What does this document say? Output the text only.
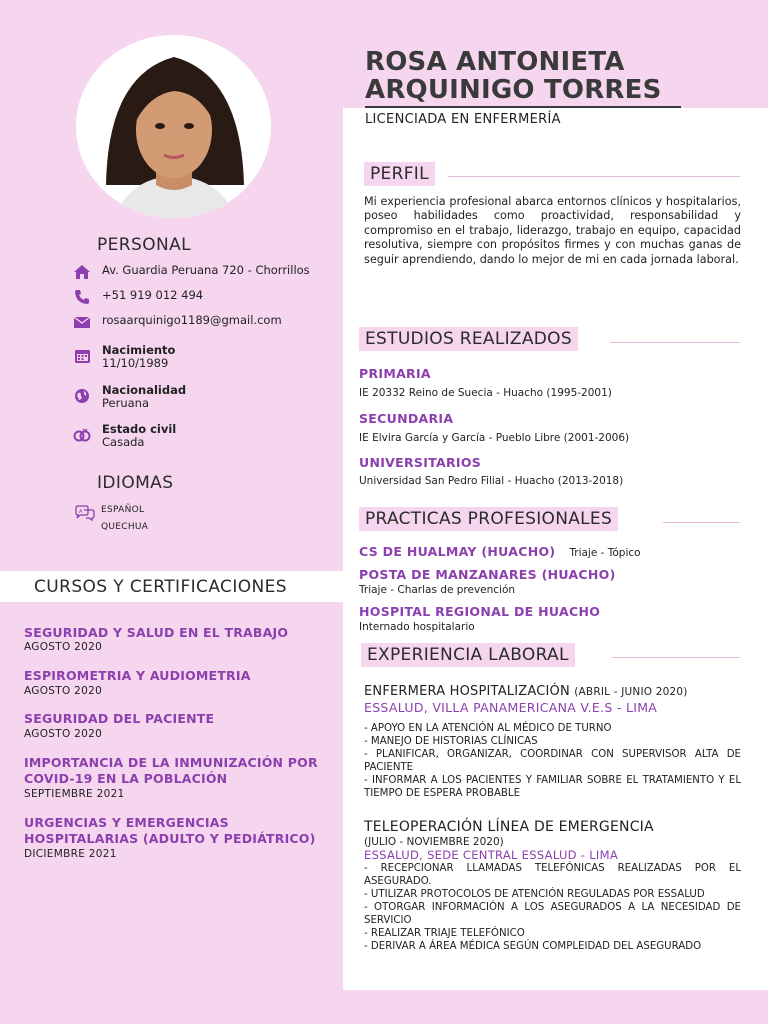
ROSA ANTONIETA
ARQUINIGO TORRES
LICENCIADA EN ENFERMERÍA
PERFIL
Mi experiencia profesional abarca entornos clínicos y hospitalarios, poseo habilidades como proactividad, responsabilidad y compromiso en el trabajo, liderazgo, trabajo en equipo, capacidad resolutiva, siempre con propósitos firmes y con muchas ganas de seguir aprendiendo, dando lo mejor de mi en cada jornada laboral.
ESTUDIOS REALIZADOS
PRIMARIA
IE 20332 Reino de Suecia - Huacho (1995-2001)
SECUNDARIA
IE Elvira García y García - Pueblo Libre (2001-2006)
UNIVERSITARIOS
Universidad San Pedro Filial - Huacho (2013-2018)
PRACTICAS PROFESIONALES
CS DE HUALMAY (HUACHO) Triaje - Tópico
POSTA DE MANZANARES (HUACHO)
Triaje - Charlas de prevención
HOSPITAL REGIONAL DE HUACHO
Internado hospitalario
EXPERIENCIA LABORAL
ENFERMERA HOSPITALIZACIÓN (ABRIL - JUNIO 2020)
ESSALUD, VILLA PANAMERICANA V.E.S - LIMA
- APOYO EN LA ATENCIÓN AL MÉDICO DE TURNO
- MANEJO DE HISTORIAS CLÍNICAS
- PLANIFICAR, ORGANIZAR, COORDINAR CON SUPERVISOR ALTA DE PACIENTE
- INFORMAR A LOS PACIENTES Y FAMILIAR SOBRE EL TRATAMIENTO Y EL TIEMPO DE ESPERA PROBABLE
TELEOPERACIÓN LÍNEA DE EMERGENCIA
(JULIO - NOVIEMBRE 2020)
ESSALUD, SEDE CENTRAL ESSALUD - LIMA
- RECEPCIONAR LLAMADAS TELEFÓNICAS REALIZADAS POR EL ASEGURADO.
- UTILIZAR PROTOCOLOS DE ATENCIÓN REGULADAS POR ESSALUD
- OTORGAR INFORMACIÓN A LOS ASEGURADOS A LA NECESIDAD DE SERVICIO
- REALIZAR TRIAJE TELEFÓNICO
- DERIVAR A ÁREA MÉDICA SEGÚN COMPLEIDAD DEL ASEGURADO
PERSONAL
Av. Guardia Peruana 720 - Chorrillos
+51 919 012 494
rosaarquinigo1189@gmail.com
Nacimiento
11/10/1989
Nacionalidad
Peruana
Estado civil
Casada
IDIOMAS
A ESPAÑOL
QUECHUA
CURSOS Y CERTIFICACIONES
SEGURIDAD Y SALUD EN EL TRABAJO
AGOSTO 2020
ESPIROMETRIA Y AUDIOMETRIA
AGOSTO 2020
SEGURIDAD DEL PACIENTE
AGOSTO 2020
IMPORTANCIA DE LA INMUNIZACIÓN POR
COVID-19 EN LA POBLACIÓN
SEPTIEMBRE 2021
URGENCIAS Y EMERGENCIAS
HOSPITALARIAS (ADULTO Y PEDIÁTRICO)
DICIEMBRE 2021
